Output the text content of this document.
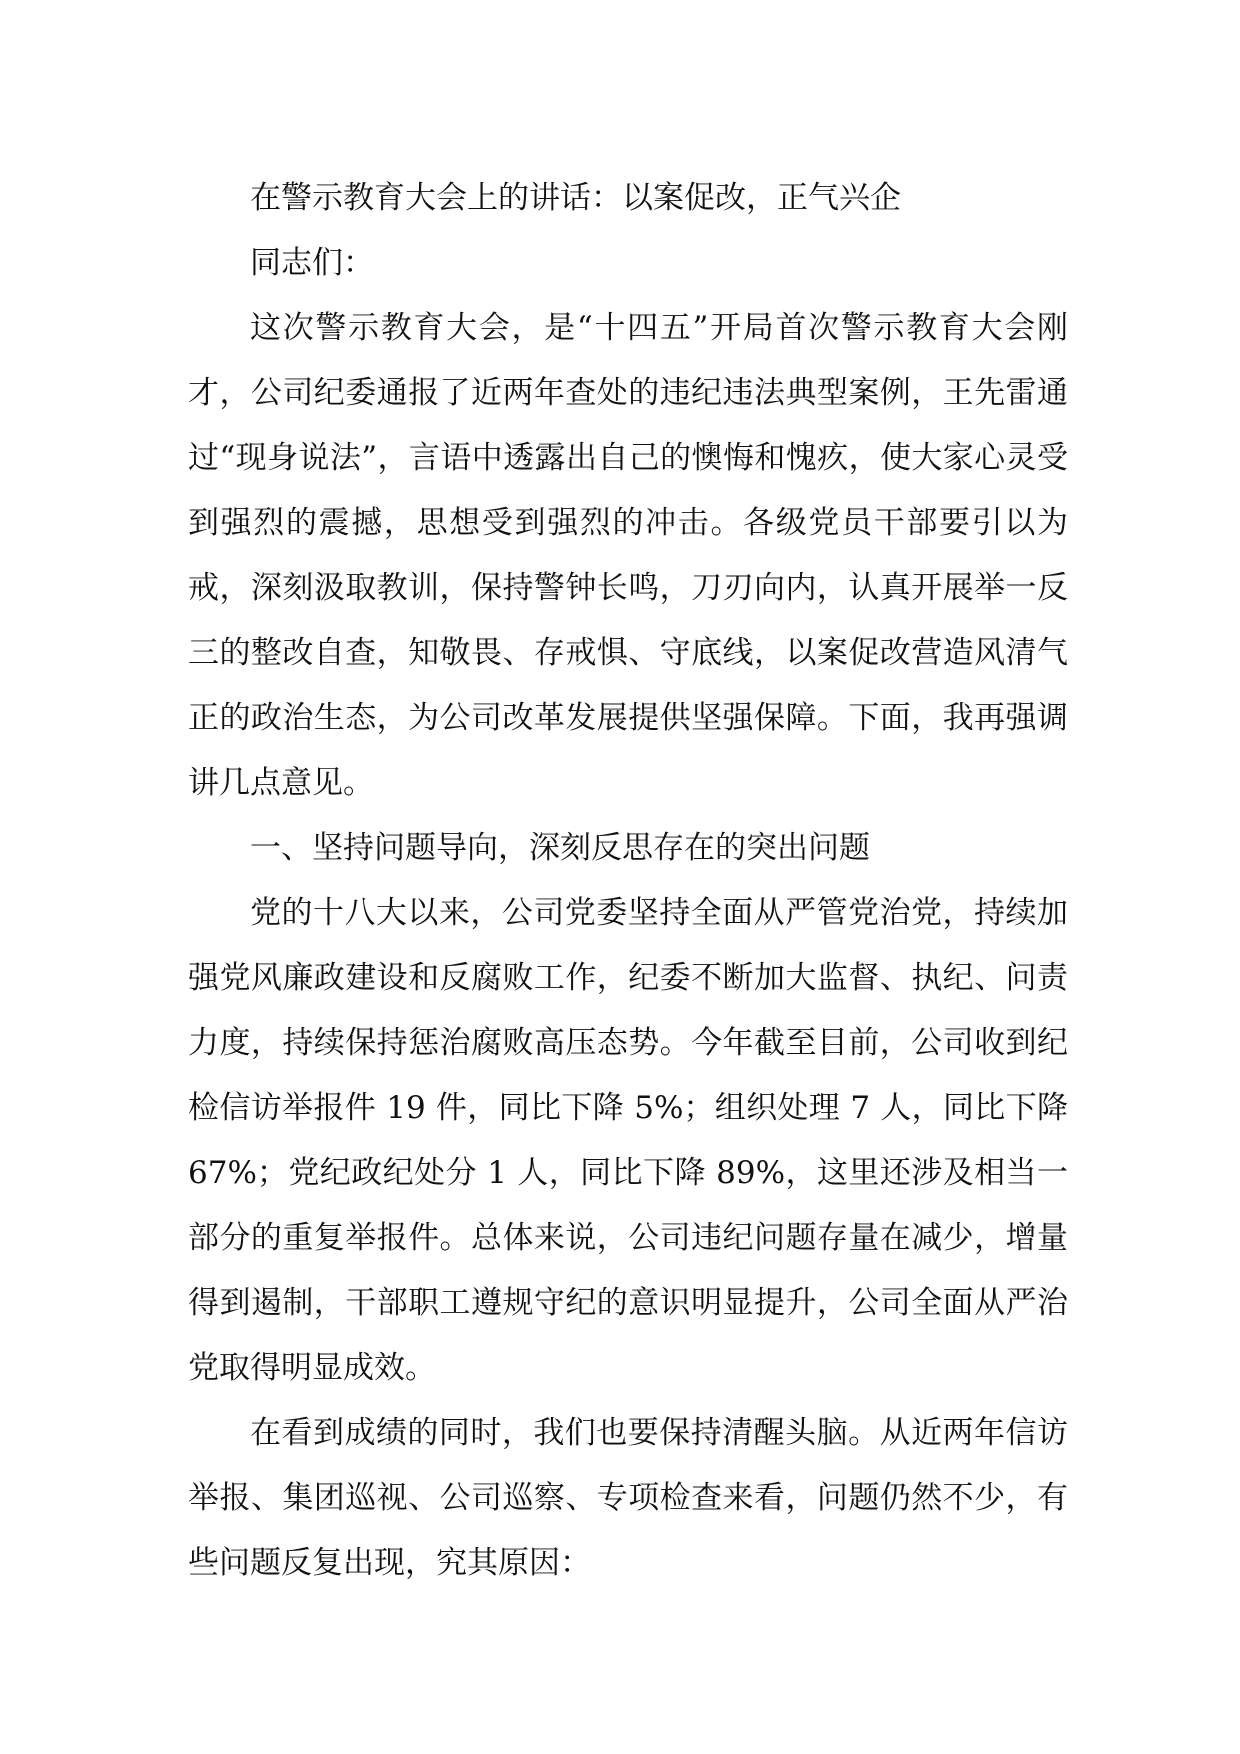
在警示教育大会上的讲话：以案促改，正气兴企

同志们：

这次警示教育大会，是“十四五”开局首次警示教育大会刚才，公司纪委通报了近两年查处的违纪违法典型案例，王先雷通过“现身说法”，言语中透露出自己的懊悔和愧疚，使大家心灵受到强烈的震撼，思想受到强烈的冲击。各级党员干部要引以为戒，深刻汲取教训，保持警钟长鸣，刀刃向内，认真开展举一反三的整改自查，知敬畏、存戒惧、守底线，以案促改营造风清气正的政治生态，为公司改革发展提供坚强保障。下面，我再强调讲几点意见。

一、坚持问题导向，深刻反思存在的突出问题

党的十八大以来，公司党委坚持全面从严管党治党，持续加强党风廉政建设和反腐败工作，纪委不断加大监督、执纪、问责力度，持续保持惩治腐败高压态势。今年截至目前，公司收到纪检信访举报件 19 件，同比下降 5%；组织处理 7 人，同比下降 67%；党纪政纪处分 1 人，同比下降 89%，这里还涉及相当一部分的重复举报件。总体来说，公司违纪问题存量在减少，增量得到遏制，干部职工遵规守纪的意识明显提升，公司全面从严治党取得明显成效。

在看到成绩的同时，我们也要保持清醒头脑。从近两年信访举报、集团巡视、公司巡察、专项检查来看，问题仍然不少，有些问题反复出现，究其原因：
